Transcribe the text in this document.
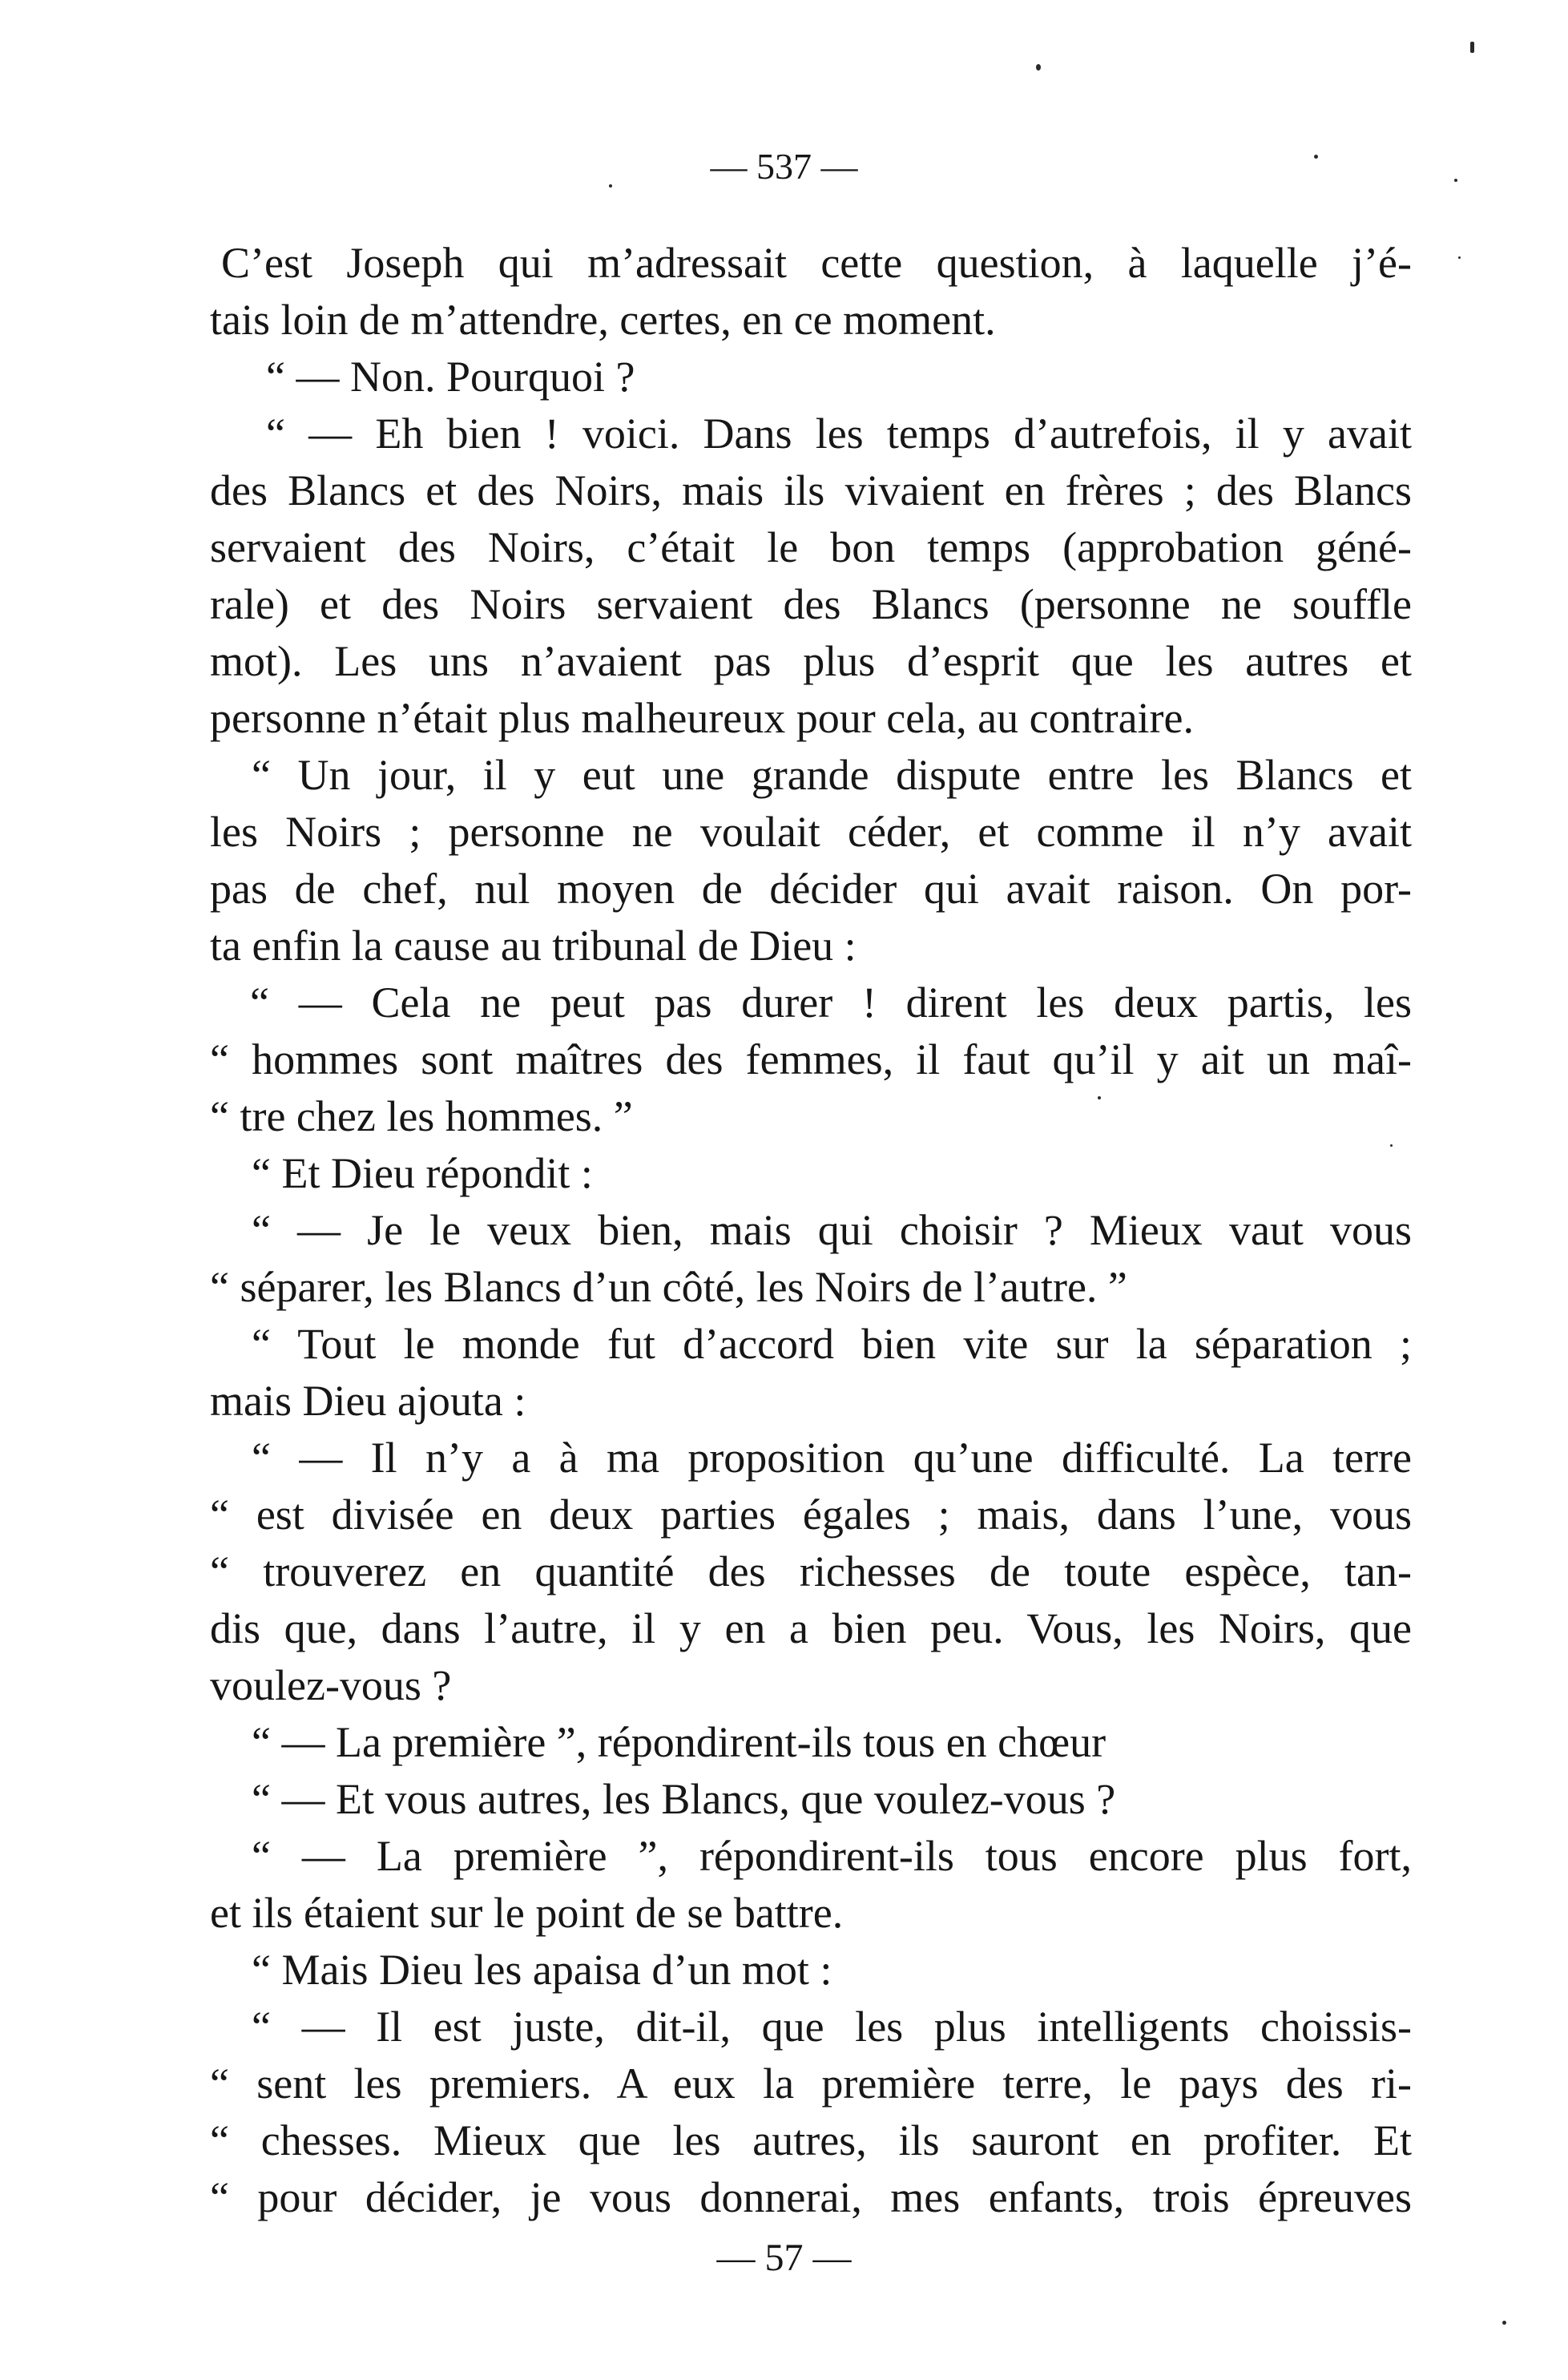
— 537 —
C’est Joseph qui m’adressait cette question, à laquelle j’é-
tais loin de m’attendre, certes, en ce moment.
“ — Non. Pourquoi ?
“ — Eh bien ! voici. Dans les temps d’autrefois, il y avait
des Blancs et des Noirs, mais ils vivaient en frères ; des Blancs
servaient des Noirs, c’était le bon temps (approbation géné-
rale) et des Noirs servaient des Blancs (personne ne souffle
mot). Les uns n’avaient pas plus d’esprit que les autres et
personne n’était plus malheureux pour cela, au contraire.
“ Un jour, il y eut une grande dispute entre les Blancs et
les Noirs ; personne ne voulait céder, et comme il n’y avait
pas de chef, nul moyen de décider qui avait raison. On por-
ta enfin la cause au tribunal de Dieu :
“ — Cela ne peut pas durer ! dirent les deux partis, les
“ hommes sont maîtres des femmes, il faut qu’il y ait un maî-
“ tre chez les hommes. ”
“ Et Dieu répondit :
“ — Je le veux bien, mais qui choisir ? Mieux vaut vous
“ séparer, les Blancs d’un côté, les Noirs de l’autre. ”
“ Tout le monde fut d’accord bien vite sur la séparation ;
mais Dieu ajouta :
“ — Il n’y a à ma proposition qu’une difficulté. La terre
“ est divisée en deux parties égales ; mais, dans l’une, vous
“ trouverez en quantité des richesses de toute espèce, tan-
dis que, dans l’autre, il y en a bien peu. Vous, les Noirs, que
voulez-vous ?
“ — La première ”, répondirent-ils tous en chœur
“ — Et vous autres, les Blancs, que voulez-vous ?
“ — La première ”, répondirent-ils tous encore plus fort,
et ils étaient sur le point de se battre.
“ Mais Dieu les apaisa d’un mot :
“ — Il est juste, dit-il, que les plus intelligents choissis-
“ sent les premiers. A eux la première terre, le pays des ri-
“ chesses. Mieux que les autres, ils sauront en profiter. Et
“ pour décider, je vous donnerai, mes enfants, trois épreuves
— 57 —
